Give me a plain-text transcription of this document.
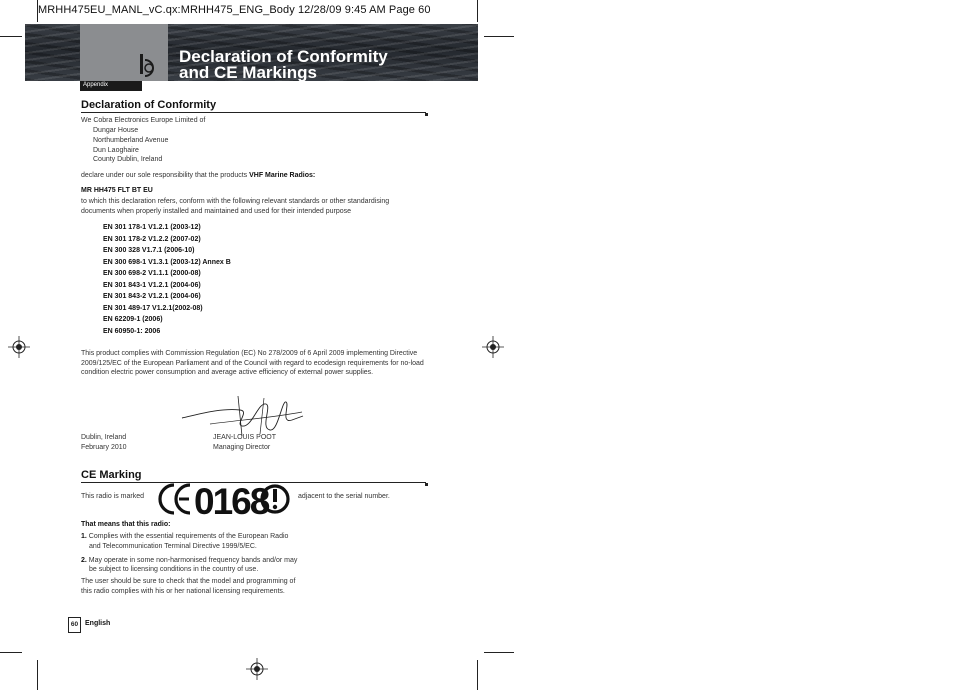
MRHH475EU_MANL_vC.qx:MRHH475_ENG_Body 12/28/09 9:45 AM Page 60
Declaration of Conformity
and CE Markings
Appendix
Declaration of Conformity
We Cobra Electronics Europe Limited of
Dungar House
Northumberland Avenue
Dun Laoghaire
County Dublin, Ireland
declare under our sole responsibility that the products VHF Marine Radios:
MR HH475 FLT BT EU
to which this declaration refers, conform with the following relevant standards or other standardising
documents when properly installed and maintained and used for their intended purpose
EN 301 178-1 V1.2.1 (2003-12)
EN 301 178-2 V1.2.2 (2007-02)
EN 300 328 V1.7.1 (2006-10)
EN 300 698-1 V1.3.1 (2003-12) Annex B
EN 300 698-2 V1.1.1 (2000-08)
EN 301 843-1 V1.2.1 (2004-06)
EN 301 843-2 V1.2.1 (2004-06)
EN 301 489-17 V1.2.1(2002-08)
EN 62209-1 (2006)
EN 60950-1: 2006
This product complies with Commission Regulation (EC) No 278/2009 of 6 April 2009 implementing Directive 2009/125/EC of the European Parliament and of the Council with regard to ecodesign requirements for no-load condition electric power consumption and average active efficiency of external power supplies.
Dublin, Ireland
February 2010
JEAN-LOUIS POOT
Managing Director
CE Marking
This radio is marked 0168	adjacent to the serial number.
That means that this radio:
1. Complies with the essential requirements of the European Radio
and Telecommunication Terminal Directive 1999/5/EC.
2. May operate in some non-harmonised frequency bands and/or may
be subject to licensing conditions in the country of use.
The user should be sure to check that the model and programming of
this radio complies with his or her national licensing requirements.
60 English
